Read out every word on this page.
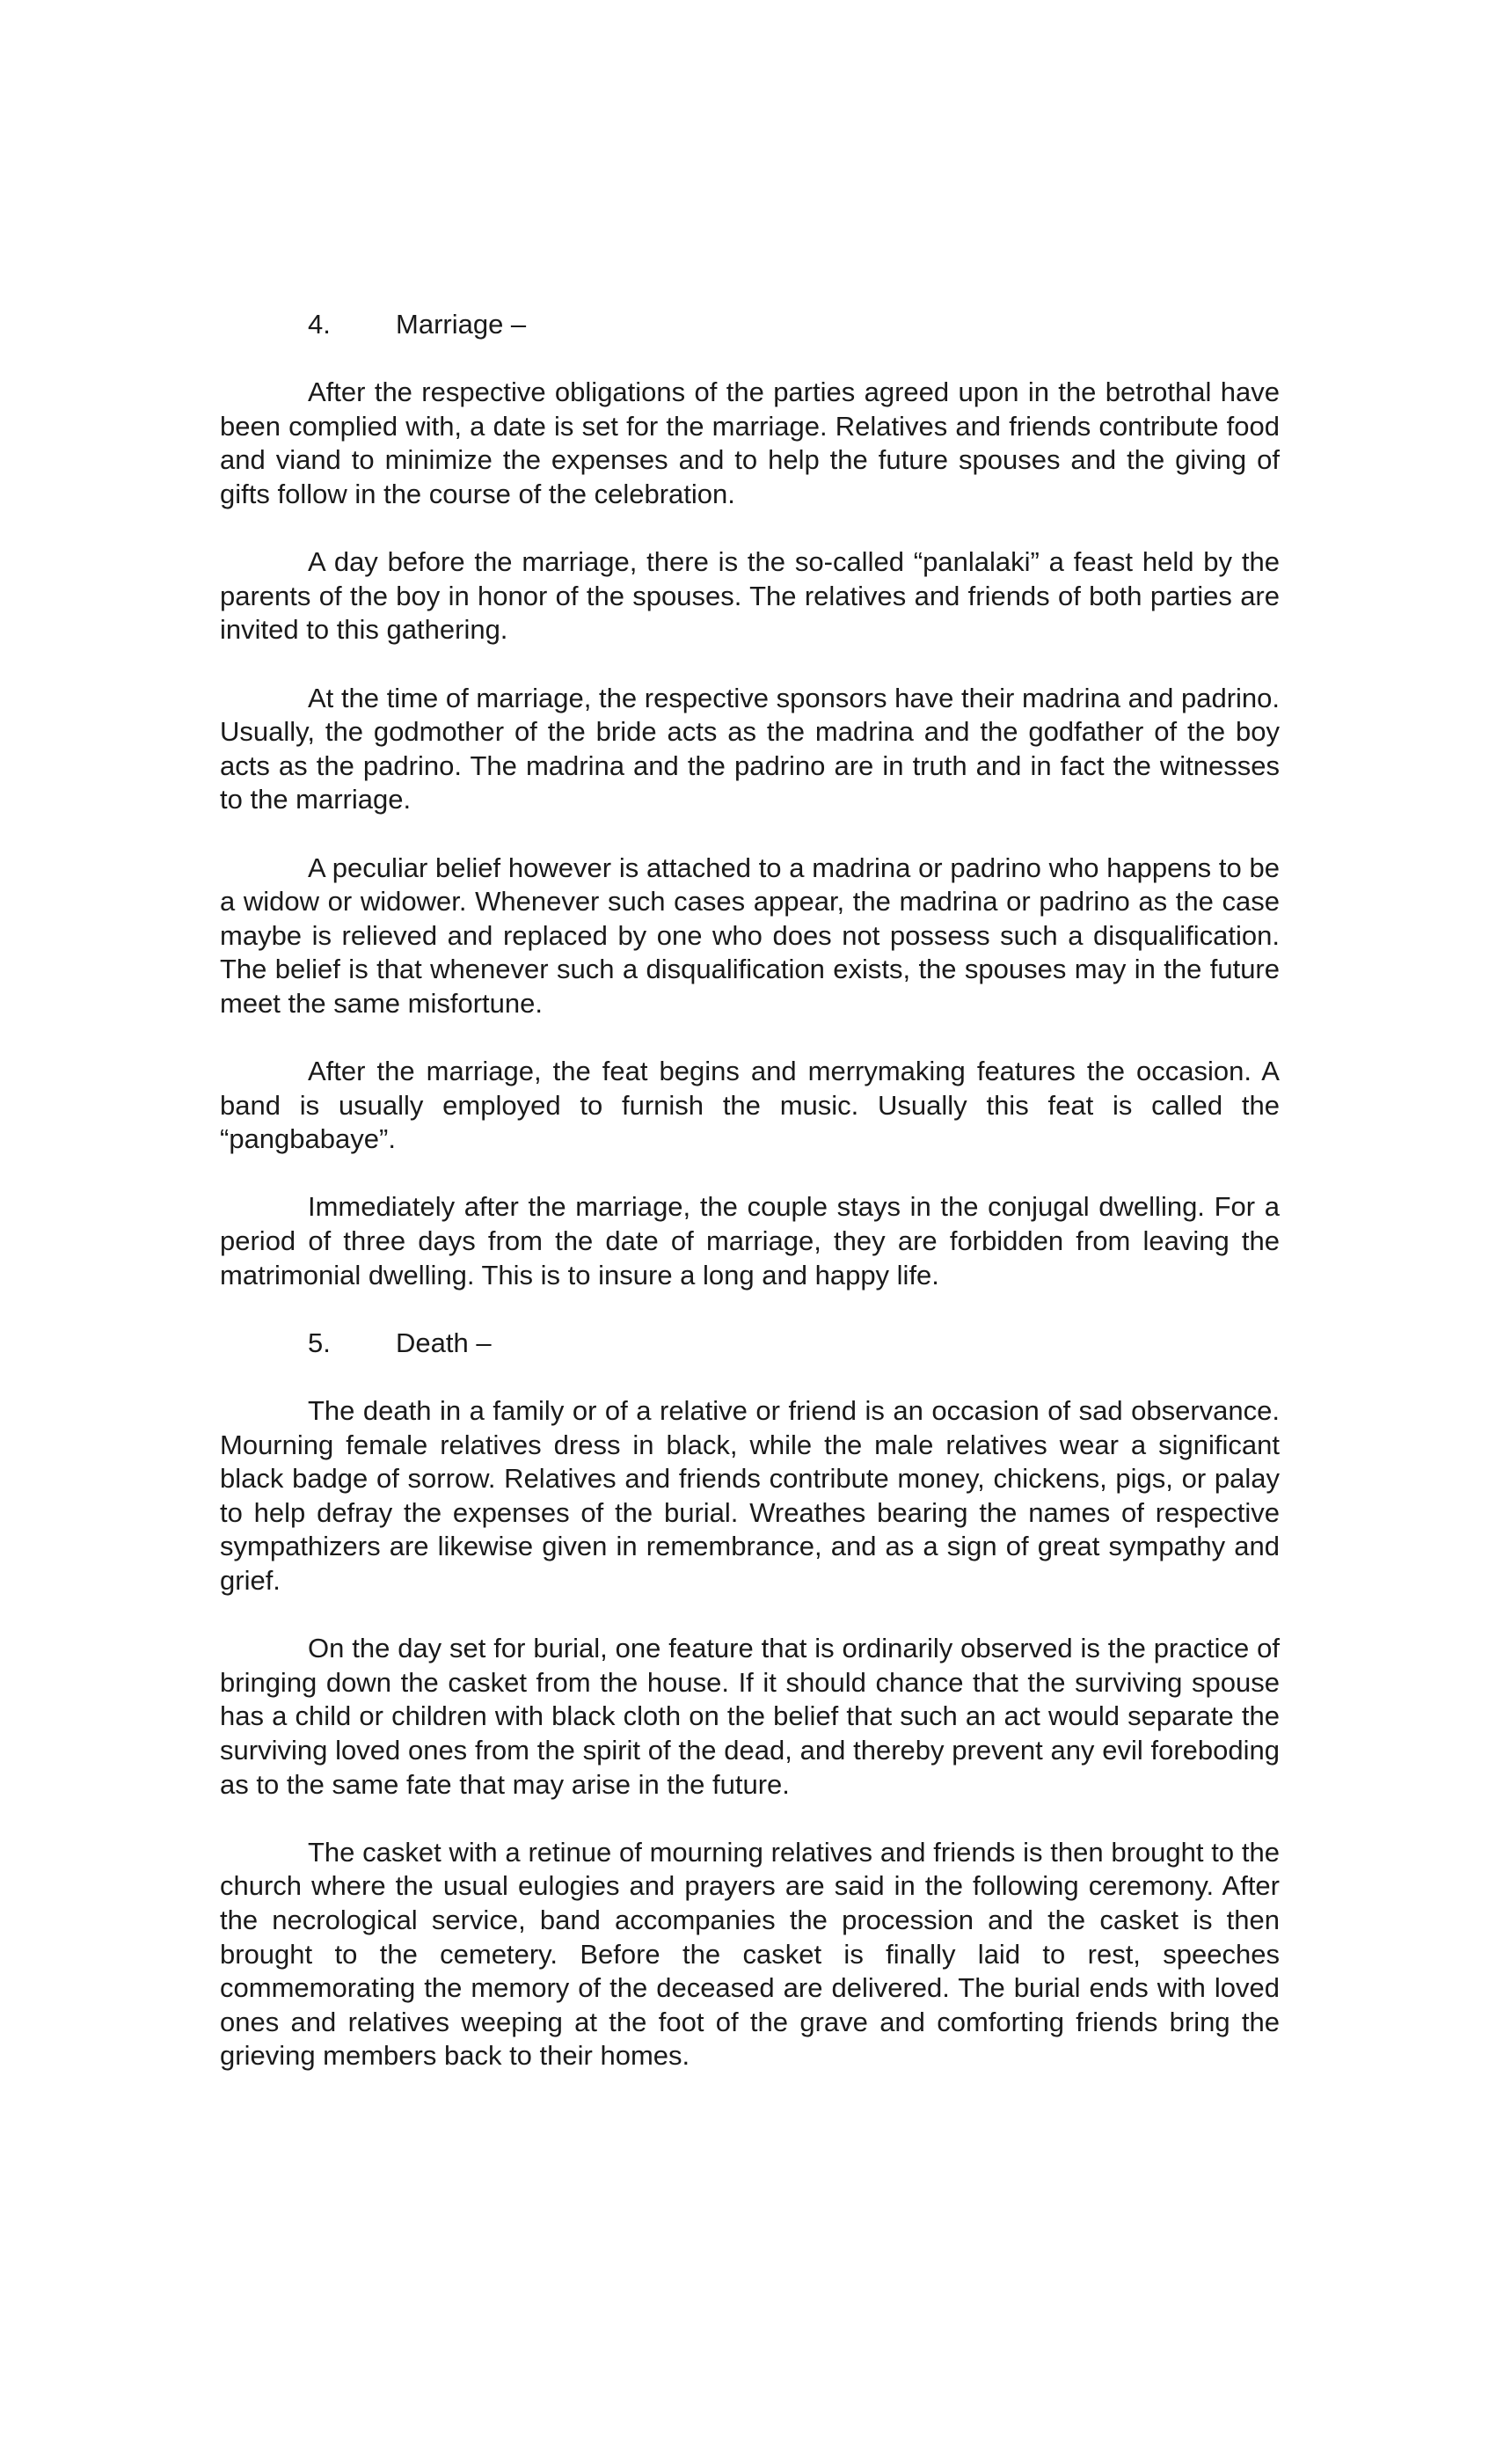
4. Marriage –

After the respective obligations of the parties agreed upon in the betrothal have been complied with, a date is set for the marriage. Relatives and friends contribute food and viand to minimize the expenses and to help the future spouses and the giving of gifts follow in the course of the celebration.

A day before the marriage, there is the so-called “panlalaki” a feast held by the parents of the boy in honor of the spouses. The relatives and friends of both parties are invited to this gathering.

At the time of marriage, the respective sponsors have their madrina and padrino. Usually, the godmother of the bride acts as the madrina and the godfather of the boy acts as the padrino. The madrina and the padrino are in truth and in fact the witnesses to the marriage.

A peculiar belief however is attached to a madrina or padrino who happens to be a widow or widower. Whenever such cases appear, the madrina or padrino as the case maybe is relieved and replaced by one who does not possess such a disqualification. The belief is that whenever such a disqualification exists, the spouses may in the future meet the same misfortune.

After the marriage, the feat begins and merrymaking features the occasion. A band is usually employed to furnish the music. Usually this feat is called the “pangbabaye”.

Immediately after the marriage, the couple stays in the conjugal dwelling. For a period of three days from the date of marriage, they are forbidden from leaving the matrimonial dwelling. This is to insure a long and happy life.

5. Death –

The death in a family or of a relative or friend is an occasion of sad observance. Mourning female relatives dress in black, while the male relatives wear a significant black badge of sorrow. Relatives and friends contribute money, chickens, pigs, or palay to help defray the expenses of the burial. Wreathes bearing the names of respective sympathizers are likewise given in remembrance, and as a sign of great sympathy and grief.

On the day set for burial, one feature that is ordinarily observed is the practice of bringing down the casket from the house. If it should chance that the surviving spouse has a child or children with black cloth on the belief that such an act would separate the surviving loved ones from the spirit of the dead, and thereby prevent any evil foreboding as to the same fate that may arise in the future.

The casket with a retinue of mourning relatives and friends is then brought to the church where the usual eulogies and prayers are said in the following ceremony. After the necrological service, band accompanies the procession and the casket is then brought to the cemetery. Before the casket is finally laid to rest, speeches commemorating the memory of the deceased are delivered. The burial ends with loved ones and relatives weeping at the foot of the grave and comforting friends bring the grieving members back to their homes.
